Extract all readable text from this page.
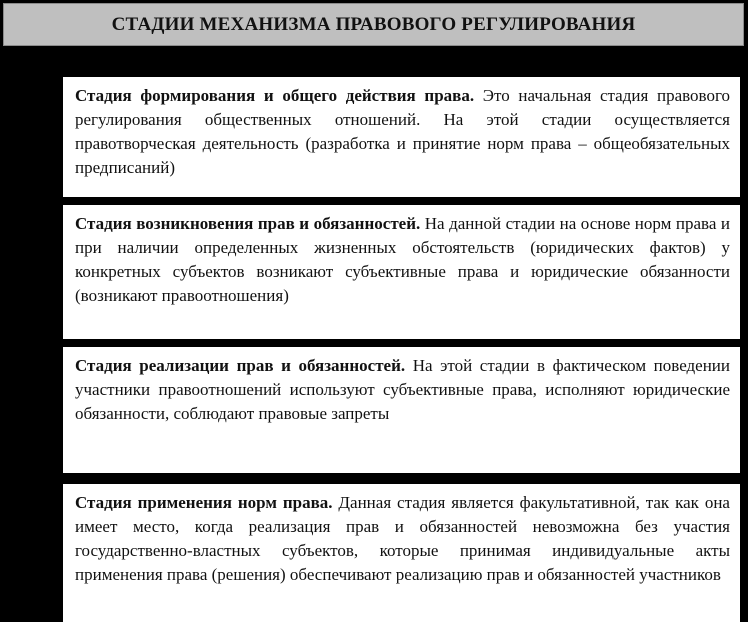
СТАДИИ МЕХАНИЗМА ПРАВОВОГО РЕГУЛИРОВАНИЯ
Стадия формирования и общего действия права. Это начальная стадия правового регулирования общественных отношений. На этой стадии осуществляется правотворческая деятельность (разработка и принятие норм права – общеобязательных предписаний)
Стадия возникновения прав и обязанностей. На данной стадии на основе норм права и при наличии определенных жизненных обстоятельств (юридических фактов) у конкретных субъектов возникают субъективные права и юридические обязанности (возникают правоотношения)
Стадия реализации прав и обязанностей. На этой стадии в фактическом поведении участники правоотношений используют субъективные права, исполняют юридические обязанности, соблюдают правовые запреты
Стадия применения норм права. Данная стадия является факультативной, так как она имеет место, когда реализация прав и обязанностей невозможна без участия государственно-властных субъектов, которые принимая индивидуальные акты применения права (решения) обеспечивают реализацию прав и обязанностей участников
